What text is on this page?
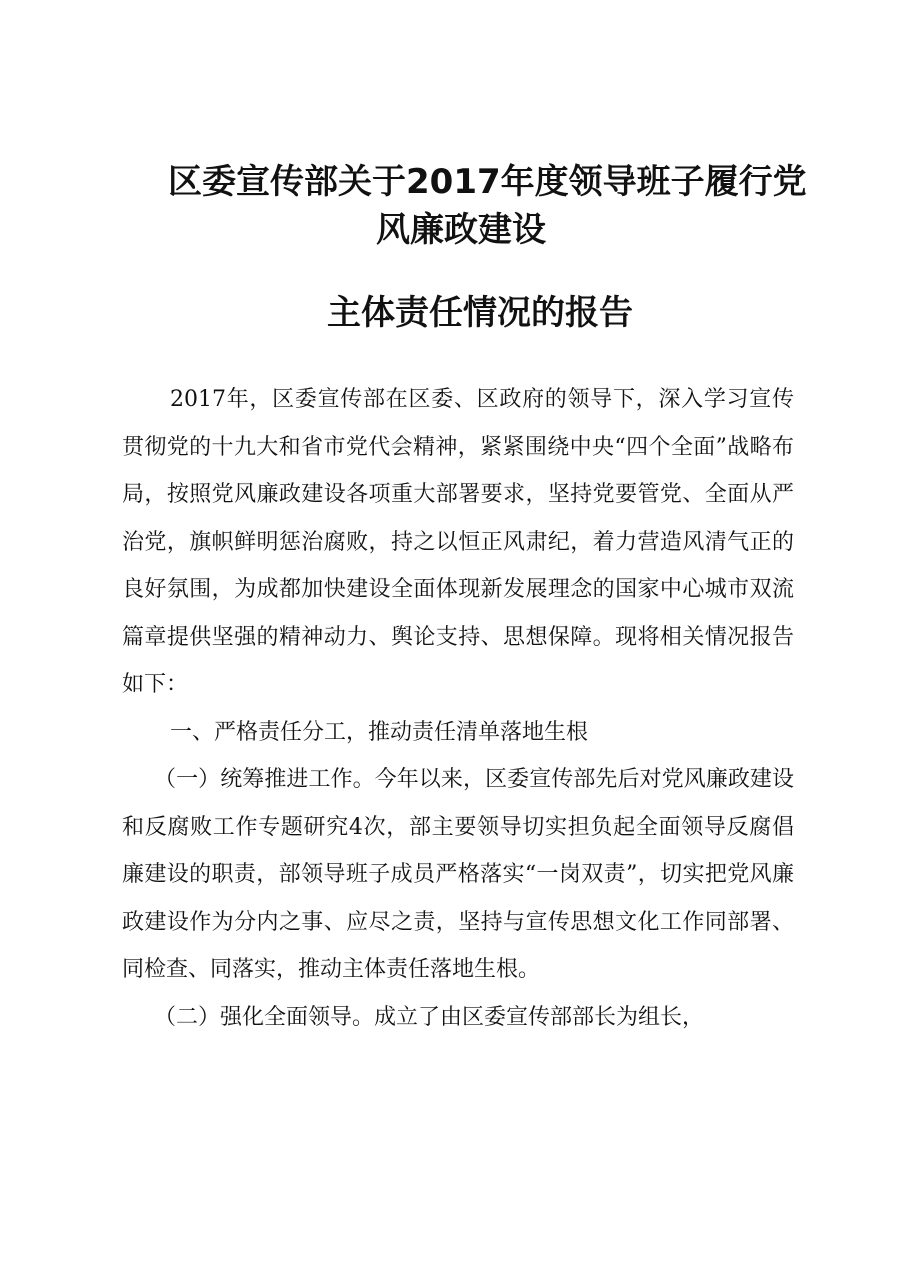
区委宣传部关于2017年度领导班子履行党
风廉政建设
主体责任情况的报告

2017年，区委宣传部在区委、区政府的领导下，深入学习宣传贯彻党的十九大和省市党代会精神，紧紧围绕中央“四个全面”战略布局，按照党风廉政建设各项重大部署要求，坚持党要管党、全面从严治党，旗帜鲜明惩治腐败，持之以恒正风肃纪，着力营造风清气正的良好氛围，为成都加快建设全面体现新发展理念的国家中心城市双流篇章提供坚强的精神动力、舆论支持、思想保障。现将相关情况报告如下：

一、严格责任分工，推动责任清单落地生根

（一）统筹推进工作。今年以来，区委宣传部先后对党风廉政建设和反腐败工作专题研究4次，部主要领导切实担负起全面领导反腐倡廉建设的职责，部领导班子成员严格落实“一岗双责”，切实把党风廉政建设作为分内之事、应尽之责，坚持与宣传思想文化工作同部署、同检查、同落实，推动主体责任落地生根。

（二）强化全面领导。成立了由区委宣传部部长为组长，
